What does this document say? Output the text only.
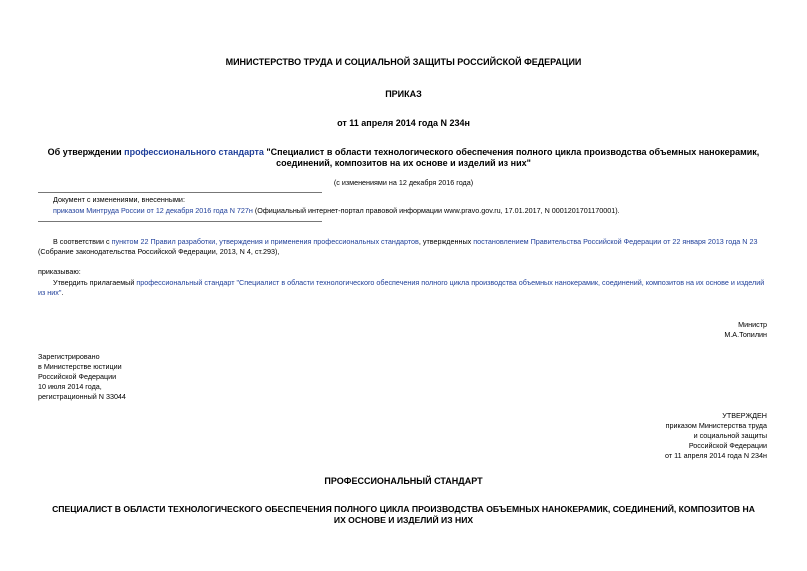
МИНИСТЕРСТВО ТРУДА И СОЦИАЛЬНОЙ ЗАЩИТЫ РОССИЙСКОЙ ФЕДЕРАЦИИ
ПРИКАЗ
от 11 апреля 2014 года N 234н
Об утверждении профессионального стандарта "Специалист в области технологического обеспечения полного цикла производства объемных нанокерамик,
соединений, композитов на их основе и изделий из них"
(с изменениями на 12 декабря 2016 года)
Документ с изменениями, внесенными:
приказом Минтруда России от 12 декабря 2016 года N 727н (Официальный интернет-портал правовой информации www.pravo.gov.ru, 17.01.2017, N 0001201701170001).
В соответствии с пунктом 22 Правил разработки, утверждения и применения профессиональных стандартов, утвержденных постановлением Правительства Российской Федерации от 22 января 2013 года N 23
(Собрание законодательства Российской Федерации, 2013, N 4, ст.293),
приказываю:
Утвердить прилагаемый профессиональный стандарт "Специалист в области технологического обеспечения полного цикла производства объемных нанокерамик, соединений, композитов на их основе и изделий
из них".
Министр
М.А.Топилин
Зарегистрировано
в Министерстве юстиции
Российской Федерации
10 июля 2014 года,
регистрационный N 33044
УТВЕРЖДЕН
приказом Министерства труда
и социальной защиты
Российской Федерации
от 11 апреля 2014 года N 234н
ПРОФЕССИОНАЛЬНЫЙ СТАНДАРТ
СПЕЦИАЛИСТ В ОБЛАСТИ ТЕХНОЛОГИЧЕСКОГО ОБЕСПЕЧЕНИЯ ПОЛНОГО ЦИКЛА ПРОИЗВОДСТВА ОБЪЕМНЫХ НАНОКЕРАМИК, СОЕДИНЕНИЙ, КОМПОЗИТОВ НА
ИХ ОСНОВЕ И ИЗДЕЛИЙ ИЗ НИХ
